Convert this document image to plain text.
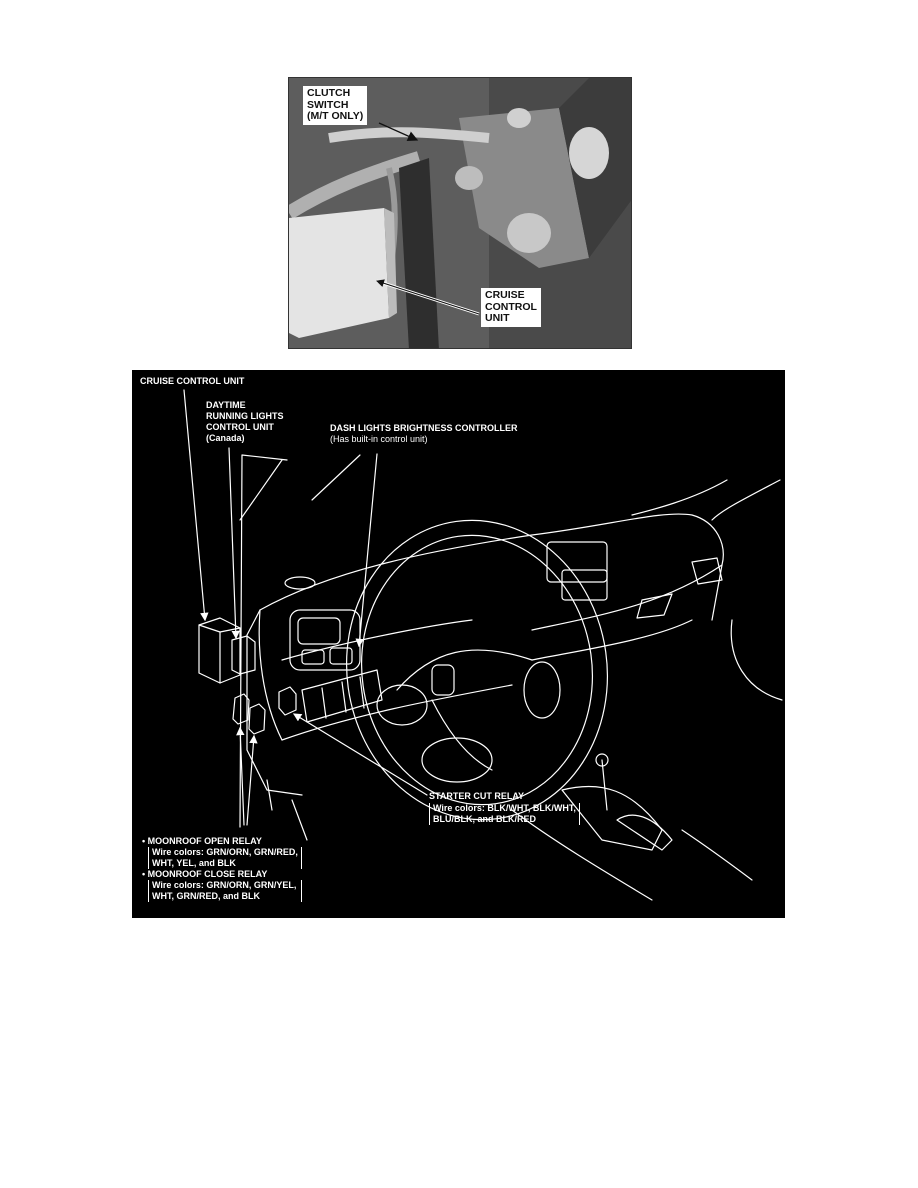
CLUTCH
SWITCH
(M/T ONLY)
CRUISE
CONTROL
UNIT
CRUISE CONTROL UNIT
DAYTIME
RUNNING LIGHTS
CONTROL UNIT
(Canada)
DASH LIGHTS BRIGHTNESS CONTROLLER
(Has built-in control unit)
STARTER CUT RELAY
Wire colors: BLK/WHT, BLK/WHT,
BLU/BLK, and BLK/RED
• MOONROOF OPEN RELAY
Wire colors: GRN/ORN, GRN/RED,
WHT, YEL, and BLK
• MOONROOF CLOSE RELAY
Wire colors: GRN/ORN, GRN/YEL,
WHT, GRN/RED, and BLK
